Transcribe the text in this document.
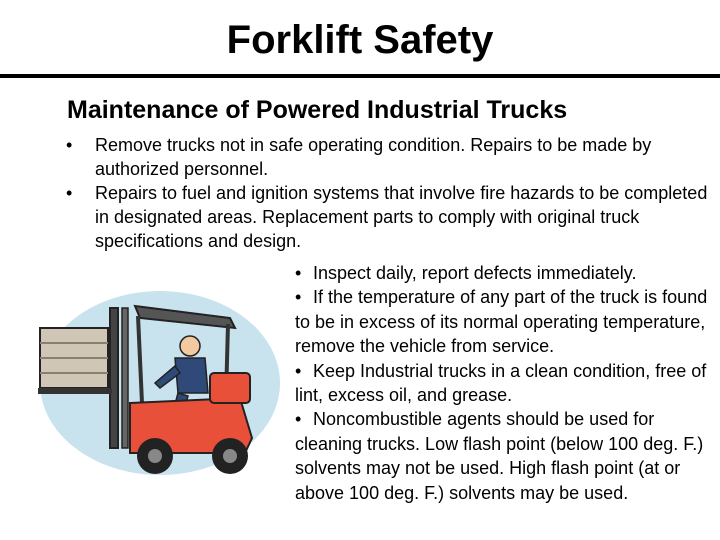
Forklift Safety
Maintenance of Powered Industrial Trucks
• Remove trucks not in safe operating condition. Repairs to be made by authorized personnel.
• Repairs to fuel and ignition systems that involve fire hazards to be completed in designated areas. Replacement parts to comply with original truck specifications and design.
• Inspect daily, report defects immediately.
• If the temperature of any part of the truck is found to be in excess of its normal operating temperature, remove the vehicle from service.
• Keep Industrial trucks in a clean condition, free of lint, excess oil, and grease.
• Noncombustible agents should be used for cleaning trucks. Low flash point (below 100 deg. F.) solvents may not be used. High flash point (at or above 100 deg. F.) solvents may be used.
